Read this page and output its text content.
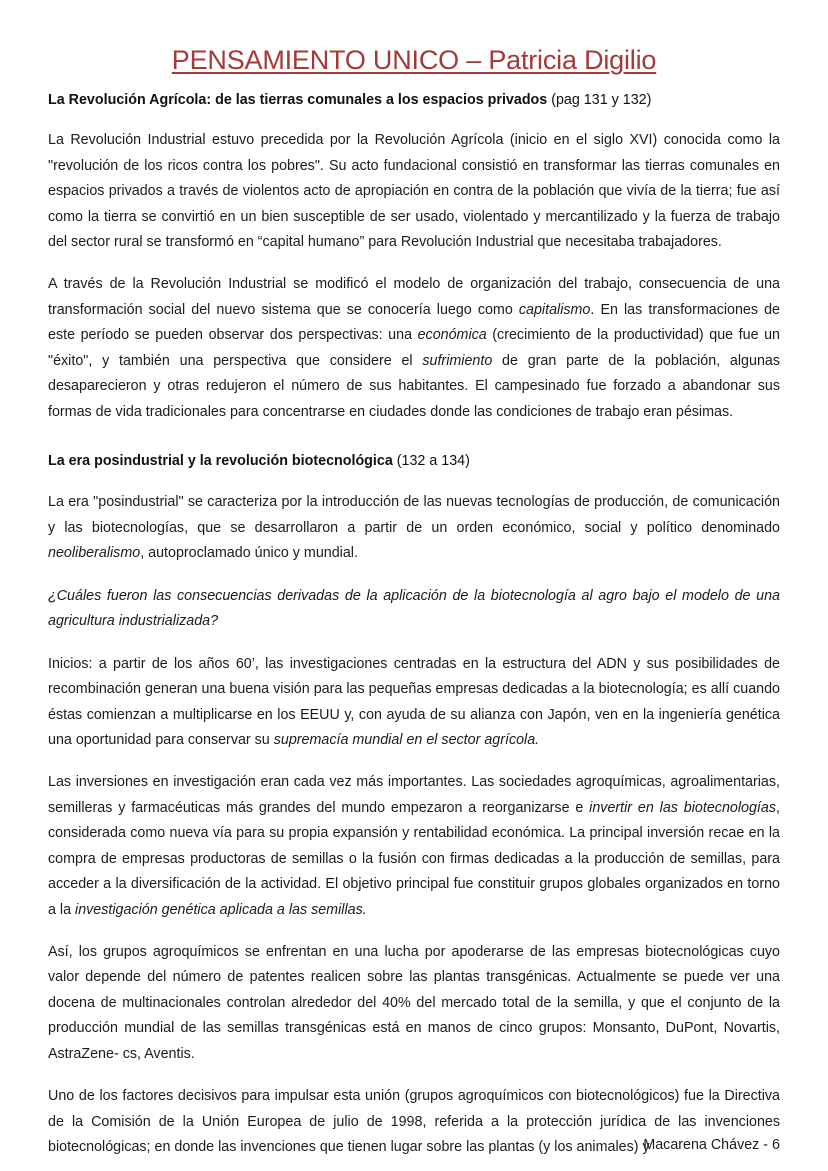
PENSAMIENTO UNICO – Patricia Digilio
La Revolución Agrícola: de las tierras comunales a los espacios privados (pag 131 y 132)

La Revolución Industrial estuvo precedida por la Revolución Agrícola (inicio en el siglo XVI) conocida como la "revolución de los ricos contra los pobres". Su acto fundacional consistió en transformar las tierras comunales en espacios privados a través de violentos acto de apropiación en contra de la población que vivía de la tierra; fue así como la tierra se convirtió en un bien susceptible de ser usado, violentado y mercantilizado y la fuerza de trabajo del sector rural se transformó en “capital humano” para Revolución Industrial que necesitaba trabajadores.

A través de la Revolución Industrial se modificó el modelo de organización del trabajo, consecuencia de una transformación social del nuevo sistema que se conocería luego como capitalismo. En las transformaciones de este período se pueden observar dos perspectivas: una económica (crecimiento de la productividad) que fue un "éxito", y también una perspectiva que considere el sufrimiento de gran parte de la población, algunas desaparecieron y otras redujeron el número de sus habitantes. El campesinado fue forzado a abandonar sus formas de vida tradicionales para concentrarse en ciudades donde las condiciones de trabajo eran pésimas.

La era posindustrial y la revolución biotecnológica (132 a 134)

La era "posindustrial" se caracteriza por la introducción de las nuevas tecnologías de producción, de comunicación y las biotecnologías, que se desarrollaron a partir de un orden económico, social y político denominado neoliberalismo, autoproclamado único y mundial.

¿Cuáles fueron las consecuencias derivadas de la aplicación de la biotecnología al agro bajo el modelo de una agricultura industrializada?

Inicios: a partir de los años 60’, las investigaciones centradas en la estructura del ADN y sus posibilidades de recombinación generan una buena visión para las pequeñas empresas dedicadas a la biotecnología; es allí cuando éstas comienzan a multiplicarse en los EEUU y, con ayuda de su alianza con Japón, ven en la ingeniería genética una oportunidad para conservar su supremacía mundial en el sector agrícola.

Las inversiones en investigación eran cada vez más importantes. Las sociedades agroquímicas, agroalimentarias, semilleras y farmacéuticas más grandes del mundo empezaron a reorganizarse e invertir en las biotecnologías, considerada como nueva vía para su propia expansión y rentabilidad económica. La principal inversión recae en la compra de empresas productoras de semillas o la fusión con firmas dedicadas a la producción de semillas, para acceder a la diversificación de la actividad. El objetivo principal fue constituir grupos globales organizados en torno a la investigación genética aplicada a las semillas.

Así, los grupos agroquímicos se enfrentan en una lucha por apoderarse de las empresas biotecnológicas cuyo valor depende del número de patentes realicen sobre las plantas transgénicas. Actualmente se puede ver una docena de multinacionales controlan alrededor del 40% del mercado total de la semilla, y que el conjunto de la producción mundial de las semillas transgénicas está en manos de cinco grupos: Monsanto, DuPont, Novartis, AstraZene- cs, Aventis.

Uno de los factores decisivos para impulsar esta unión (grupos agroquímicos con biotecnológicos) fue la Directiva de la Comisión de la Unión Europea de julio de 1998, referida a la protección jurídica de las invenciones biotecnológicas; en donde las invenciones que tienen lugar sobre las plantas (y los animales) y

Macarena Chávez - 6
